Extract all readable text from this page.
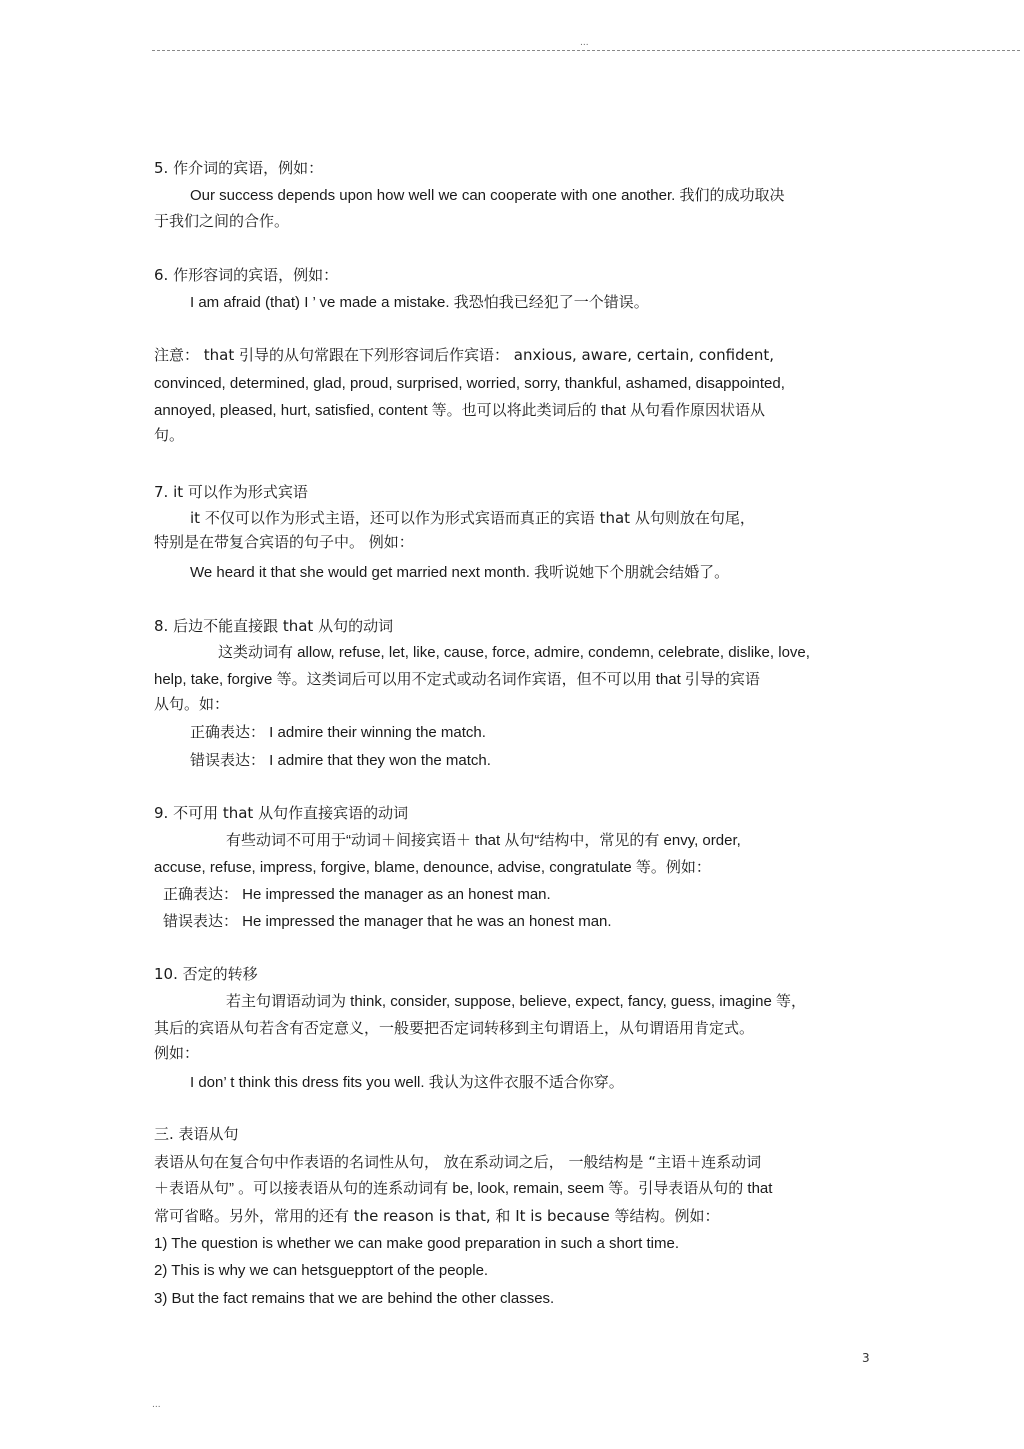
...
5. 作介词的宾语，例如：
Our success depends upon how well we can cooperate with one another. 我们的成功取决
于我们之间的合作。
6. 作形容词的宾语，例如：
I am afraid (that) I ’ ve made a mistake. 我恐怕我已经犯了一个错误。
注意： that 引导的从句常跟在下列形容词后作宾语： anxious, aware, certain, confident,
convinced, determined, glad, proud, surprised, worried, sorry, thankful, ashamed, disappointed,
annoyed, pleased, hurt, satisfied, content 等。也可以将此类词后的 that 从句看作原因状语从
句。
7. it 可以作为形式宾语
it 不仅可以作为形式主语，还可以作为形式宾语而真正的宾语 that 从句则放在句尾，
特别是在带复合宾语的句子中。 例如：
We heard it that she would get married next month. 我听说她下个朋就会结婚了。
8. 后边不能直接跟 that 从句的动词
这类动词有 allow, refuse, let, like, cause, force, admire, condemn, celebrate, dislike, love,
help, take, forgive 等。这类词后可以用不定式或动名词作宾语，但不可以用 that 引导的宾语
从句。如：
正确表达： I admire their winning the match.
错误表达： I admire that they won the match.
9. 不可用 that 从句作直接宾语的动词
有些动词不可用于“动词＋间接宾语＋ that 从句“结构中，常见的有 envy, order,
accuse, refuse, impress, forgive, blame, denounce, advise, congratulate 等。例如：
正确表达： He impressed the manager as an honest man.
错误表达： He impressed the manager that he was an honest man.
10. 否定的转移
若主句谓语动词为 think, consider, suppose, believe, expect, fancy, guess, imagine 等，
其后的宾语从句若含有否定意义，一般要把否定词转移到主句谓语上，从句谓语用肯定式。
例如：
I don’ t think this dress fits you well. 我认为这件衣服不适合你穿。
三. 表语从句
表语从句在复合句中作表语的名词性从句， 放在系动词之后， 一般结构是 “主语＋连系动词
＋表语从句” 。可以接表语从句的连系动词有 be, look, remain, seem 等。引导表语从句的 that
常可省略。另外，常用的还有 the reason is that, 和 It is because 等结构。例如：
1) The question is whether we can make good preparation in such a short time.
2) This is why we can hetsguepptort of the people.
3) But the fact remains that we are behind the other classes.
3
...
